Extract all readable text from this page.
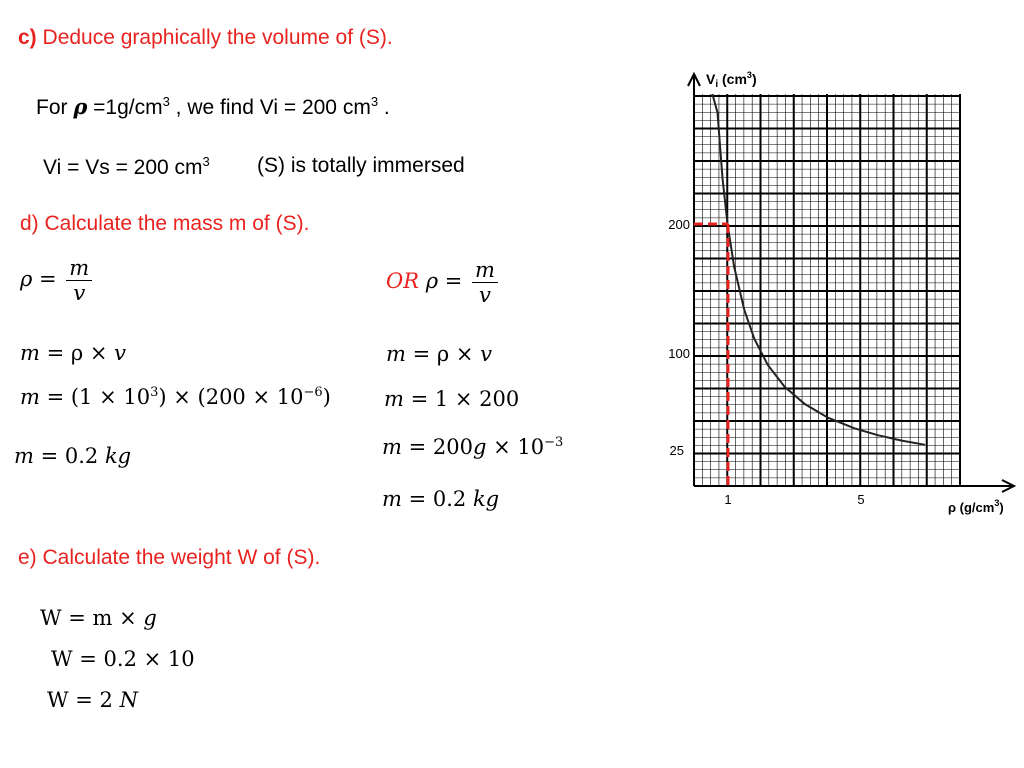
c) Deduce graphically the volume of (S).
For $\rho =1g/cm^3$ , we find Vi = 200 $cm^3$ .
Vi = Vs = 200 $cm^3$ (S) is totally immersed
d) Calculate the mass m of (S).
$\rho = \frac{m}{v}$
m = ρ × v
$m = (1 \times 10^3) \times (200 \times 10^{-6})$
m = 0.2 kg
OR $\rho = \frac{m}{v}$
m = ρ × v
m = 1 × 200
$m = 200g \times 10^{-3}$
m = 0.2 kg
e) Calculate the weight W of (S).
W = m × g
W = 0.2 × 10
W = 2 N
$V_i$ $(cm^3)$
ρ $(g/cm^3)$
200
100
25
1	5
